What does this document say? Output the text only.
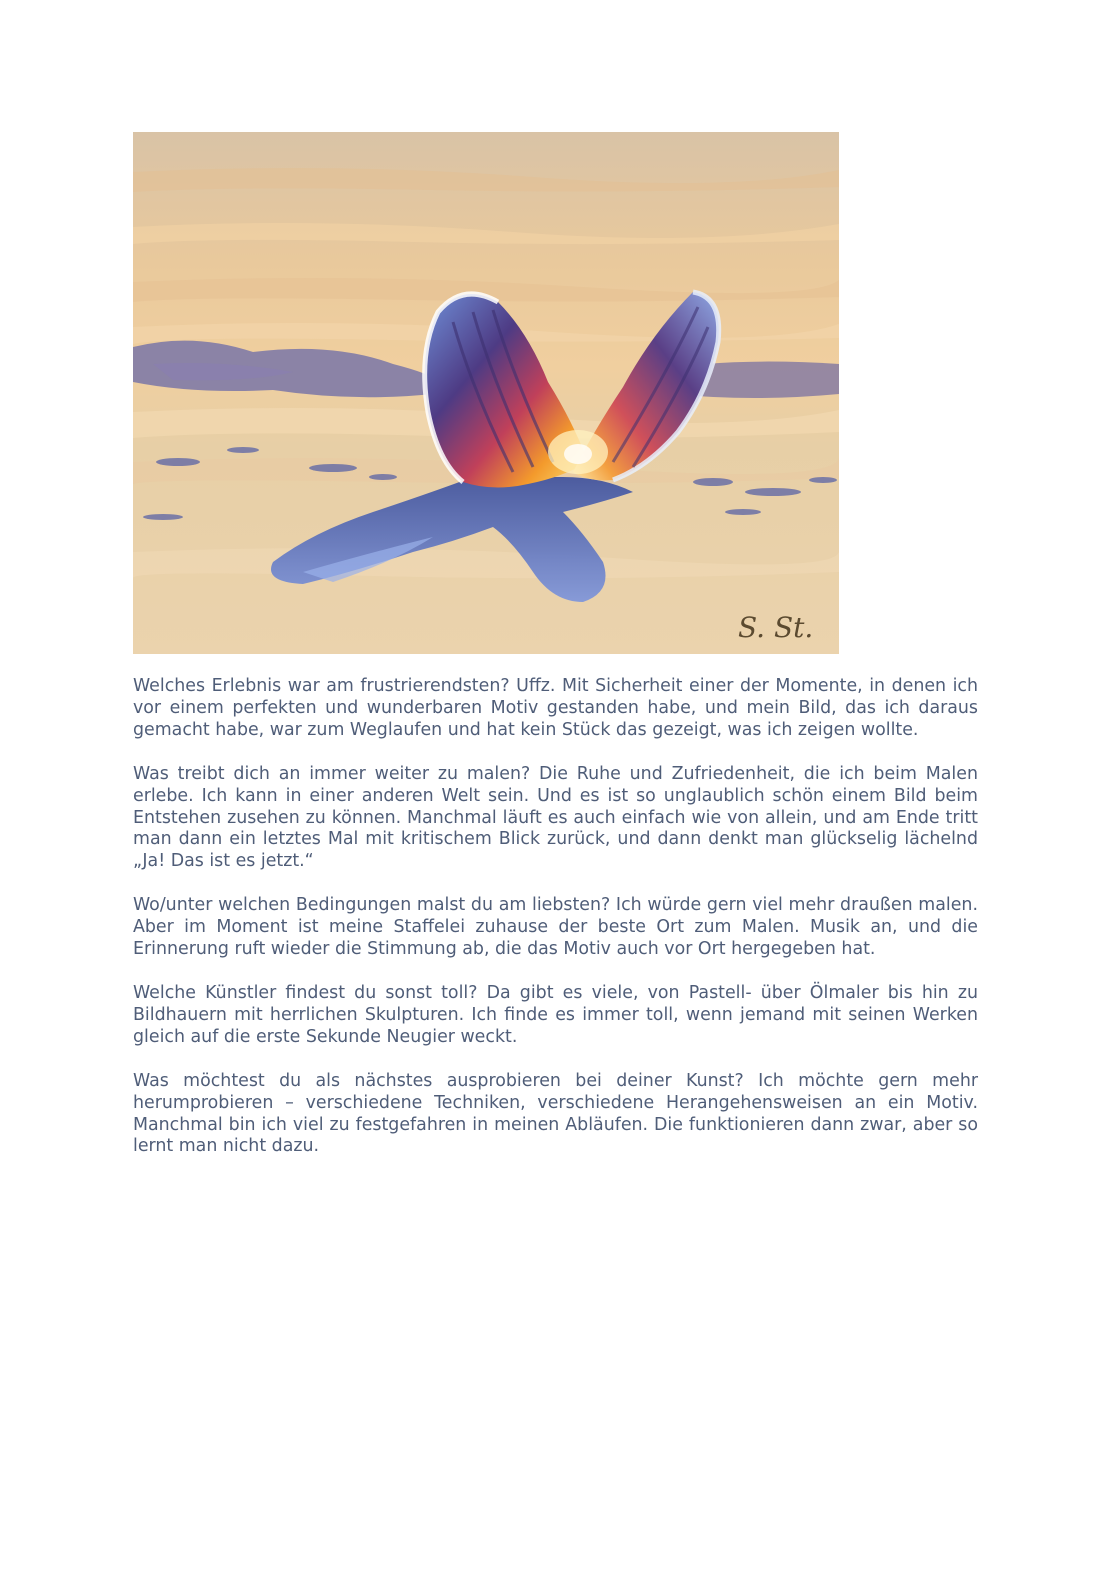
S. St.

Welches Erlebnis war am frustrierendsten? Uffz. Mit Sicherheit einer der Momente, in denen ich vor einem perfekten und wunderbaren Motiv gestanden habe, und mein Bild, das ich daraus gemacht habe, war zum Weglaufen und hat kein Stück das gezeigt, was ich zeigen wollte.

Was treibt dich an immer weiter zu malen? Die Ruhe und Zufriedenheit, die ich beim Malen erlebe. Ich kann in einer anderen Welt sein. Und es ist so unglaublich schön einem Bild beim Entstehen zusehen zu können. Manchmal läuft es auch einfach wie von allein, und am Ende tritt man dann ein letztes Mal mit kritischem Blick zurück, und dann denkt man glückselig lächelnd „Ja! Das ist es jetzt.“

Wo/unter welchen Bedingungen malst du am liebsten? Ich würde gern viel mehr draußen malen. Aber im Moment ist meine Staffelei zuhause der beste Ort zum Malen. Musik an, und die Erinnerung ruft wieder die Stimmung ab, die das Motiv auch vor Ort hergegeben hat.

Welche Künstler findest du sonst toll? Da gibt es viele, von Pastell- über Ölmaler bis hin zu Bildhauern mit herrlichen Skulpturen. Ich finde es immer toll, wenn jemand mit seinen Werken gleich auf die erste Sekunde Neugier weckt.

Was möchtest du als nächstes ausprobieren bei deiner Kunst? Ich möchte gern mehr herumprobieren – verschiedene Techniken, verschiedene Herangehensweisen an ein Motiv. Manchmal bin ich viel zu festgefahren in meinen Abläufen. Die funktionieren dann zwar, aber so lernt man nicht dazu.
